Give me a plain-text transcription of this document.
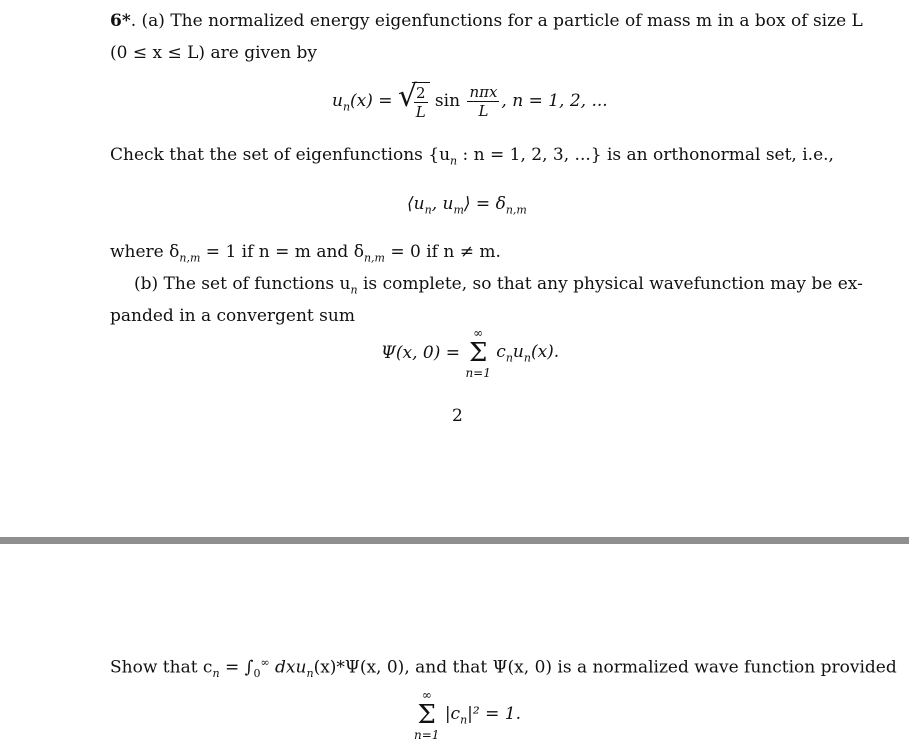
6*. (a) The normalized energy eigenfunctions for a particle of mass m in a box of size L
(0 ≤ x ≤ L) are given by
$u_n(x)$ = √
$\frac{2}{L}$ $\sin \frac{\text{nπx}}{L}$ , n = 1, 2, ...
Check that the set of eigenfunctions {$u_n$ : n = 1, 2, 3, ...} is an orthonormal set, i.e.,
$⟨u_n$, $u_m⟩ = \delta_{n,m}$
where $\delta_{n,m} = 1$ if n = m and $\delta_{n,m} = 0$ if n ≠ m.
(b) The set of functions $u_n$ is complete, so that any physical wavefunction may be ex-
panded in a convergent sum
Ψ(x, 0) =
∞
Σ
n=1
$c_nu_n(x)$.
2
Show that $c_n = \int_0^\infty$ dxu$_n$(x)*Ψ(x, 0), and that Ψ(x, 0) is a normalized wave function provided
∞
Σ
n=1
$|c_n|^2 = 1$.
